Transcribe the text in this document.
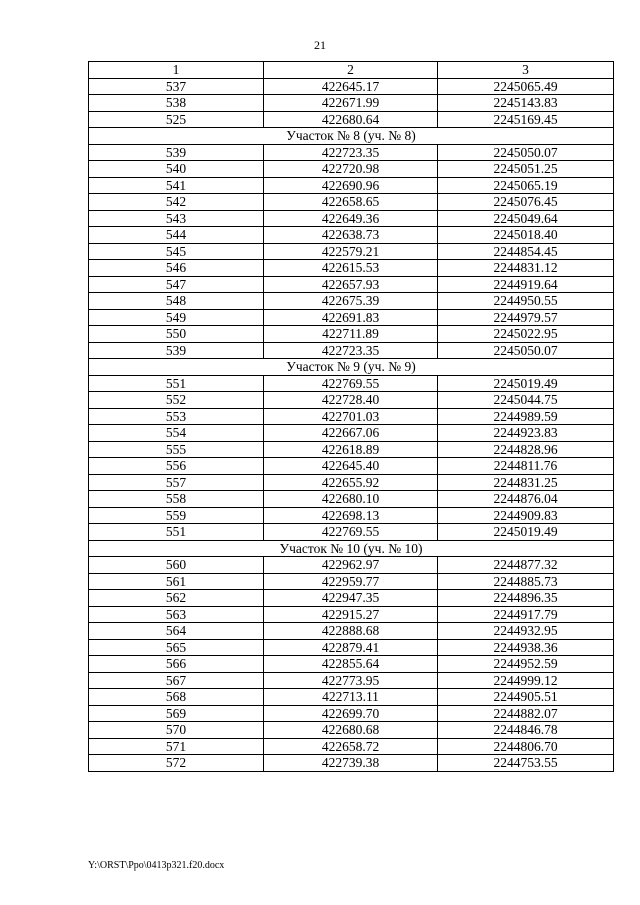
21
1	2	3
537	422645.17	2245065.49
538	422671.99	2245143.83
525	422680.64	2245169.45
Участок № 8 (уч. № 8)		
539	422723.35	2245050.07
540	422720.98	2245051.25
541	422690.96	2245065.19
542	422658.65	2245076.45
543	422649.36	2245049.64
544	422638.73	2245018.40
545	422579.21	2244854.45
546	422615.53	2244831.12
547	422657.93	2244919.64
548	422675.39	2244950.55
549	422691.83	2244979.57
550	422711.89	2245022.95
539	422723.35	2245050.07
Участок № 9 (уч. № 9)		
551	422769.55	2245019.49
552	422728.40	2245044.75
553	422701.03	2244989.59
554	422667.06	2244923.83
555	422618.89	2244828.96
556	422645.40	2244811.76
557	422655.92	2244831.25
558	422680.10	2244876.04
559	422698.13	2244909.83
551	422769.55	2245019.49
Участок № 10 (уч. № 10)		
560	422962.97	2244877.32
561	422959.77	2244885.73
562	422947.35	2244896.35
563	422915.27	2244917.79
564	422888.68	2244932.95
565	422879.41	2244938.36
566	422855.64	2244952.59
567	422773.95	2244999.12
568	422713.11	2244905.51
569	422699.70	2244882.07
570	422680.68	2244846.78
571	422658.72	2244806.70
572	422739.38	2244753.55
Y:\ORST\Ppo\0413p321.f20.docx
